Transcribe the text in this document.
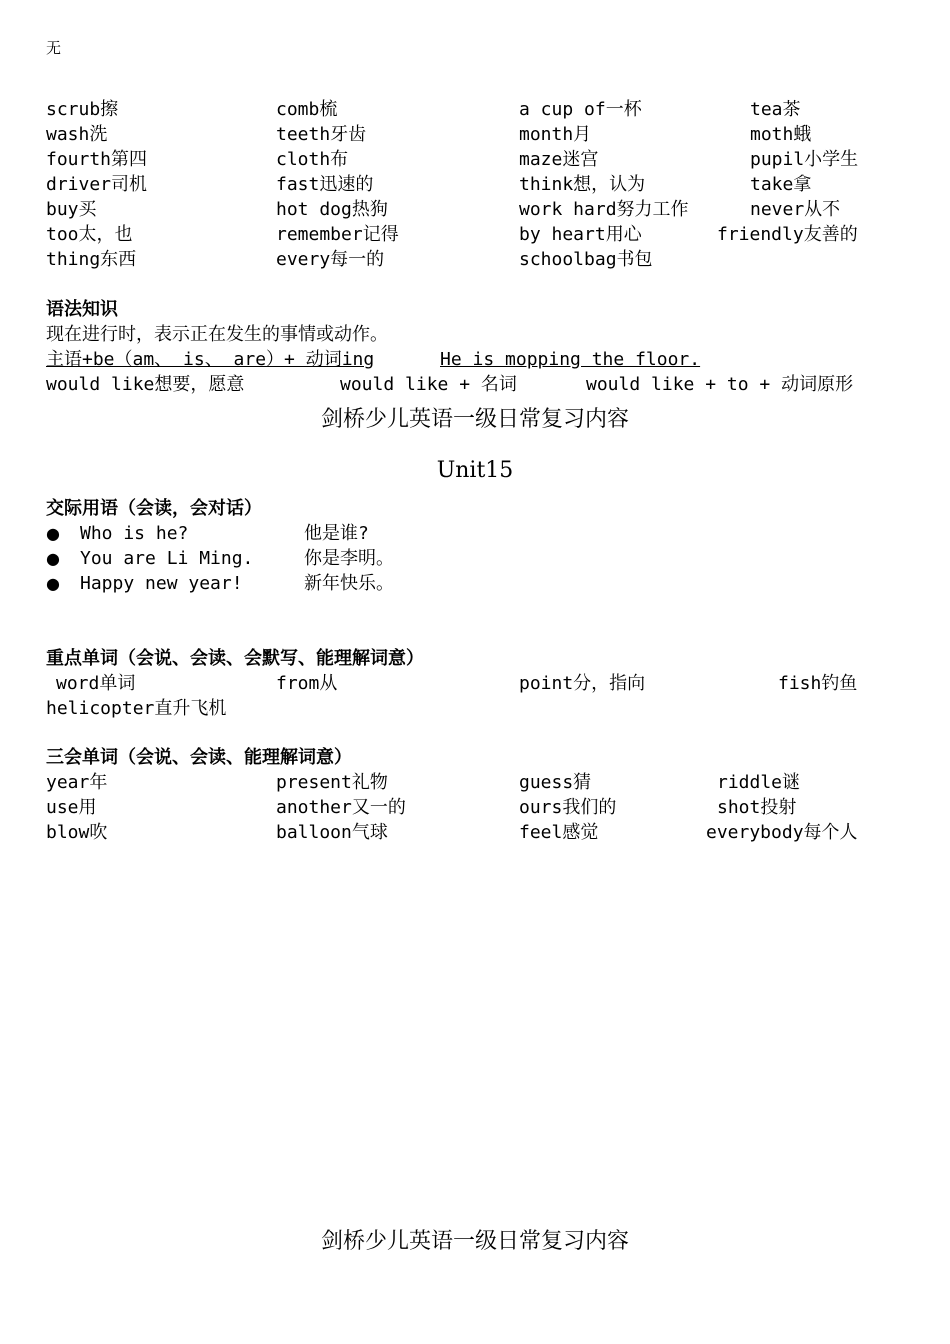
无
scrub擦	comb梳	a cup of一杯	tea茶
wash洗	teeth牙齿	month月	moth蛾
fourth第四	cloth布	maze迷宫	pupil小学生
driver司机	fast迅速的	think想，认为	take拿
buy买	hot dog热狗	work hard努力工作	never从不
too太，也	remember记得	by heart用心	friendly友善的
thing东西	every每一的	schoolbag书包
语法知识
现在进行时，表示正在发生的事情或动作。
主语+be（am、 is、 are）+ 动词ing	He is mopping the floor.
would like想要，愿意	would like + 名词	would like + to + 动词原形
剑桥少儿英语一级日常复习内容
Unit15
交际用语（会读，会对话）
● Who is he?	他是谁?
● You are Li Ming.	你是李明。
● Happy new year!	新年快乐。
重点单词（会说、会读、会默写、能理解词意）
word单词	from从	point分，指向	fish钓鱼
helicopter直升飞机
三会单词（会说、会读、能理解词意）
year年	present礼物	guess猜	riddle谜
use用	another又一的	ours我们的	shot投射
blow吹	balloon气球	feel感觉	everybody每个人
剑桥少儿英语一级日常复习内容
